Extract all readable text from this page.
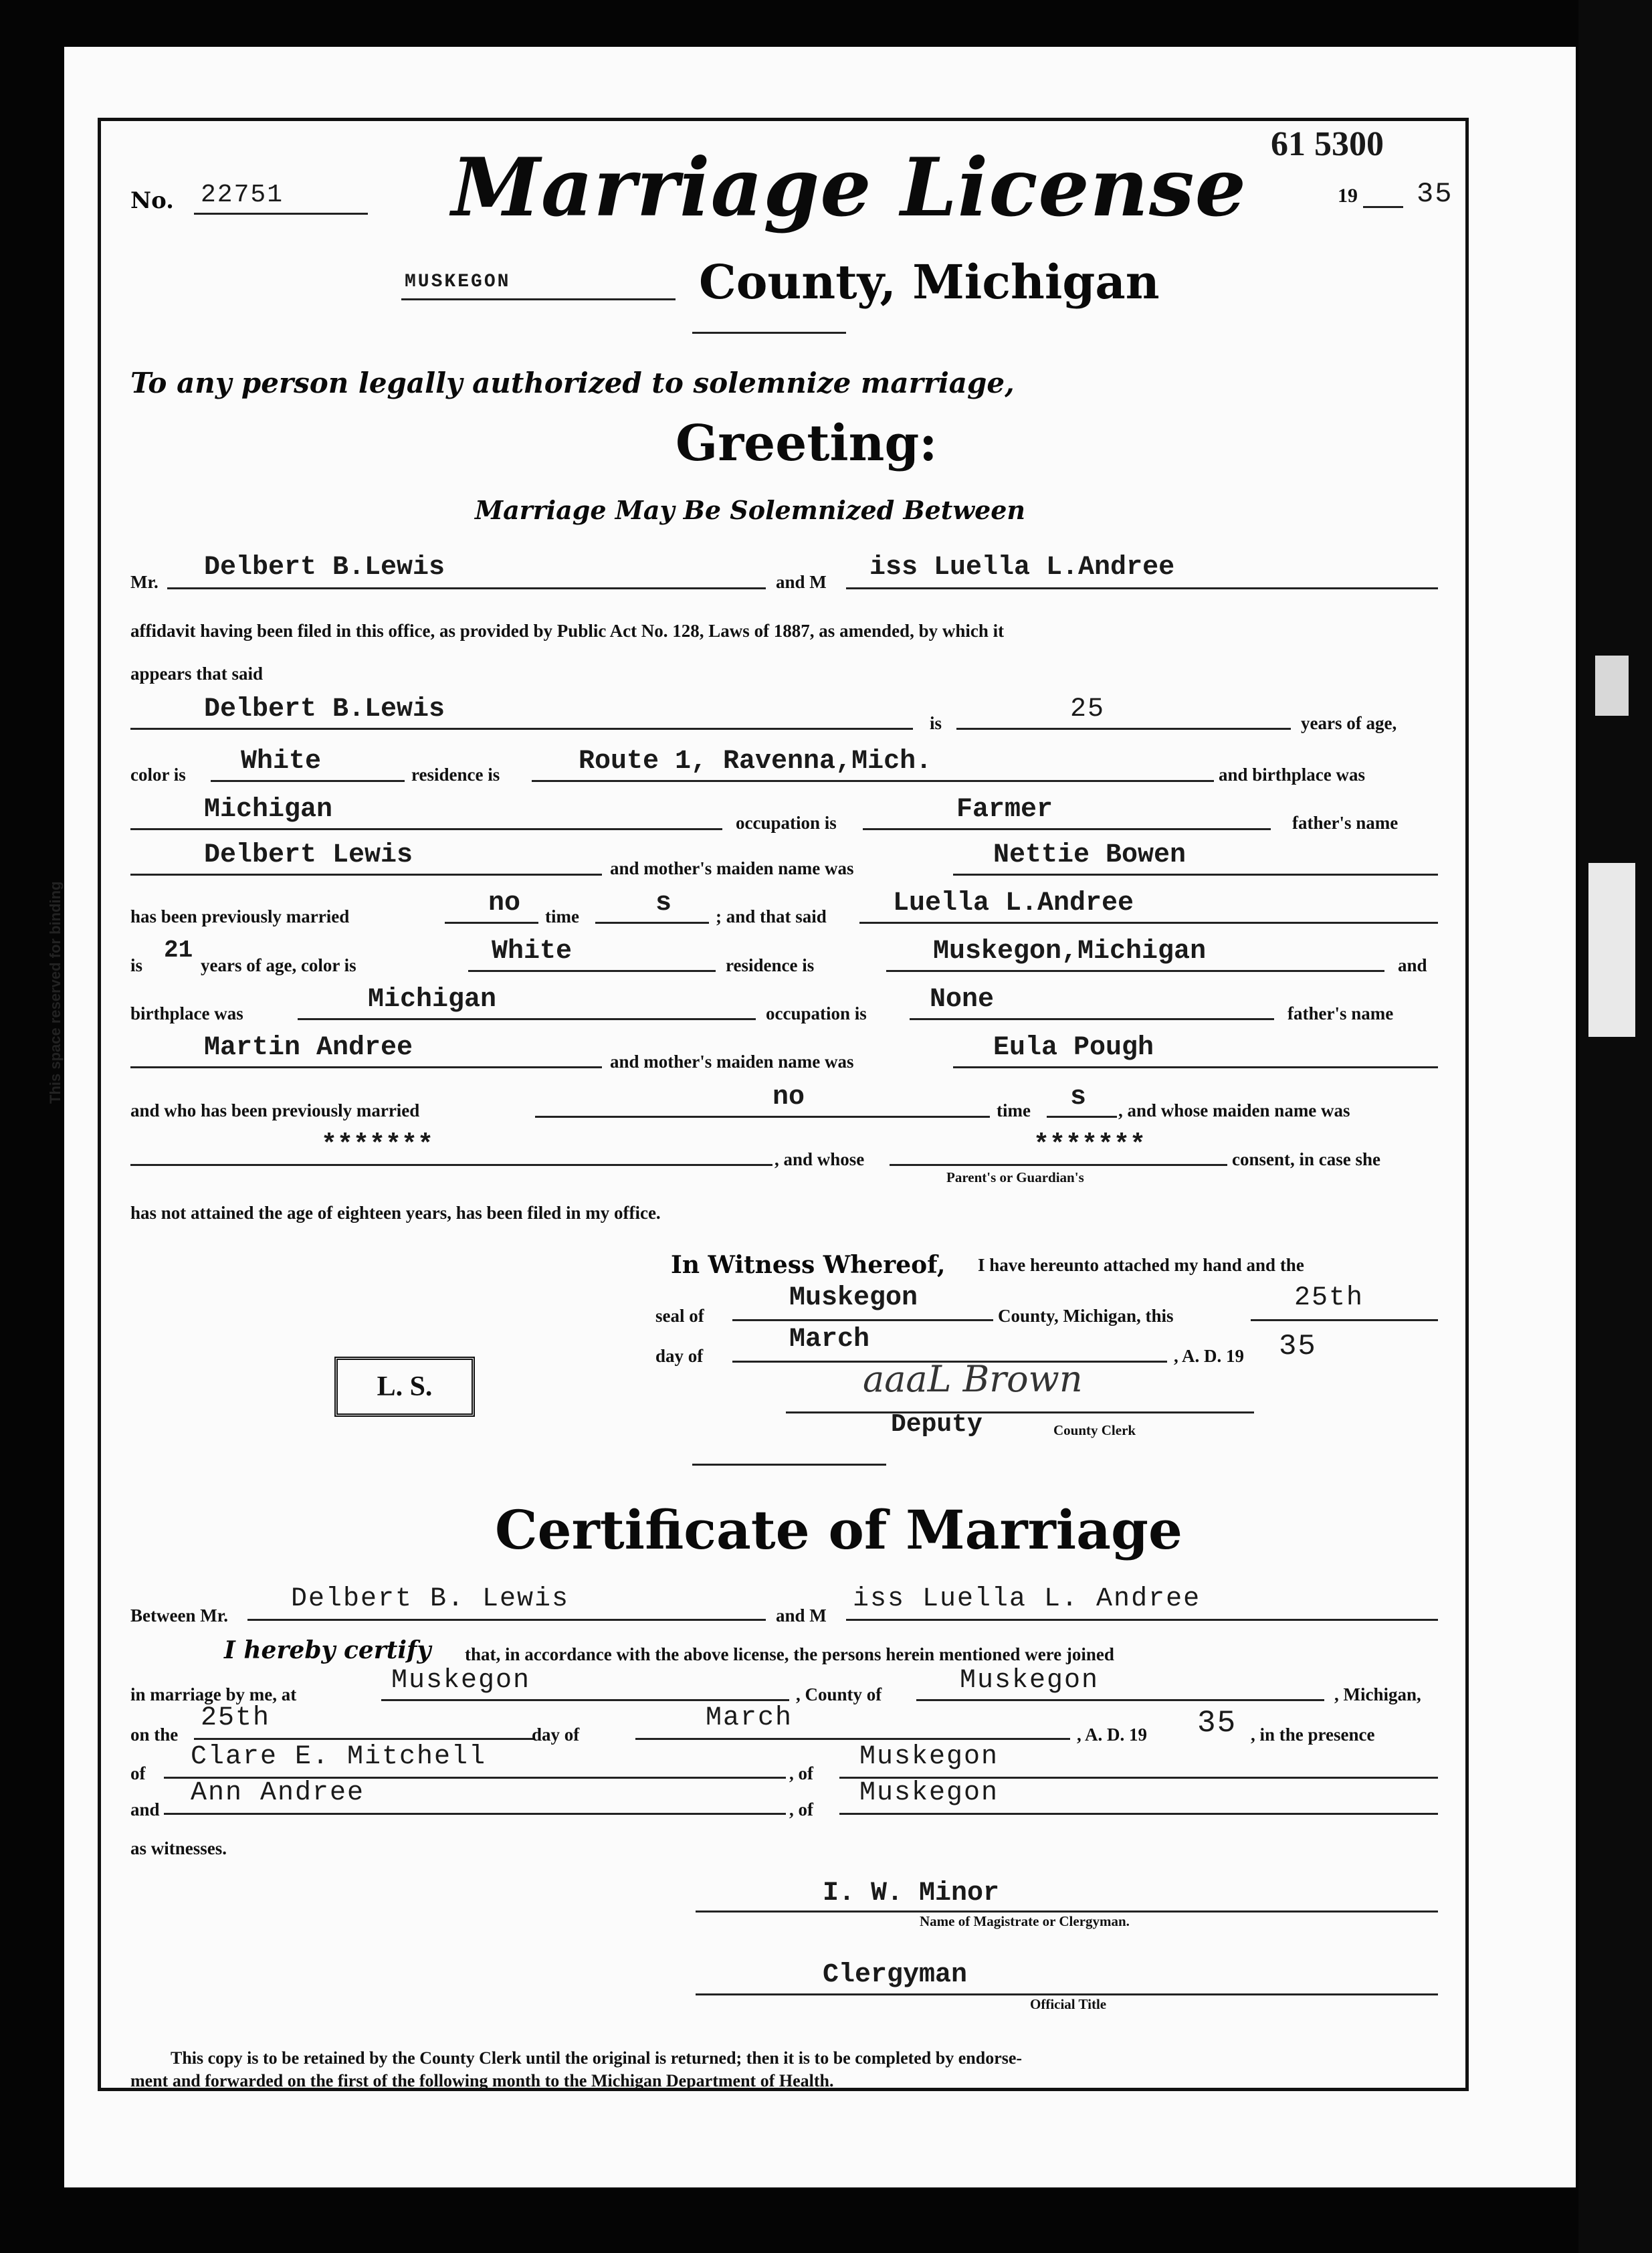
This space reserved for binding
No. 22751 Marriage License 61 5300
19 35
MUSKEGON	County, Michigan
To any person legally authorized to solemnize marriage,
Greeting:
Marriage May Be Solemnized Between
Mr. Delbert B.Lewis	and M iss Luella L.Andree
affidavit having been filed in this office, as provided by Public Act No. 128, Laws of 1887, as amended, by which it
appears that said
Delbert B.Lewis	is	25	years of age,
color is White	residence is	Route 1, Ravenna,Mich.	and birthplace was
Michigan	occupation is	Farmer	father's name
Delbert Lewis	and mother's maiden name was	Nettie Bowen
has been previously married	no time	s ; and that said Luella L.Andree
is
21
years of age, color is	White	residence is	Muskegon,Michigan	and
birthplace was	Michigan	occupation is None	father's name
Martin Andree	and mother's maiden name was	Eula Pough
and who has been previously married	no	time s , and whose maiden name was
*******	, and whose	*******	consent, in case she
Parent's or Guardian's
has not attained the age of eighteen years, has been filed in my office.
In Witness Whereof, I have hereunto attached my hand and the
seal of
Muskegon
County, Michigan, this
25th
day of
March
, A. D. 19 35
aaaL Brown
Deputy	County Clerk
L. S.
Certificate of Marriage
Between Mr.
Delbert B. Lewis
and M
iss Luella L. Andree
I hereby certify that, in accordance with the above license, the persons herein mentioned were joined
in marriage by me, at	Muskegon	, County of	Muskegon	, Michigan,
on the
25th
day of
March
, A. D. 19 35 , in the presence
of
Clare E. Mitchell
, of
Muskegon
and
Ann Andree
, of
Muskegon
as witnesses.
I. W. Minor
Name of Magistrate or Clergyman.
Clergyman
Official Title
This copy is to be retained by the County Clerk until the original is returned; then it is to be completed by endorse-
ment and forwarded on the first of the following month to the Michigan Department of Health.
